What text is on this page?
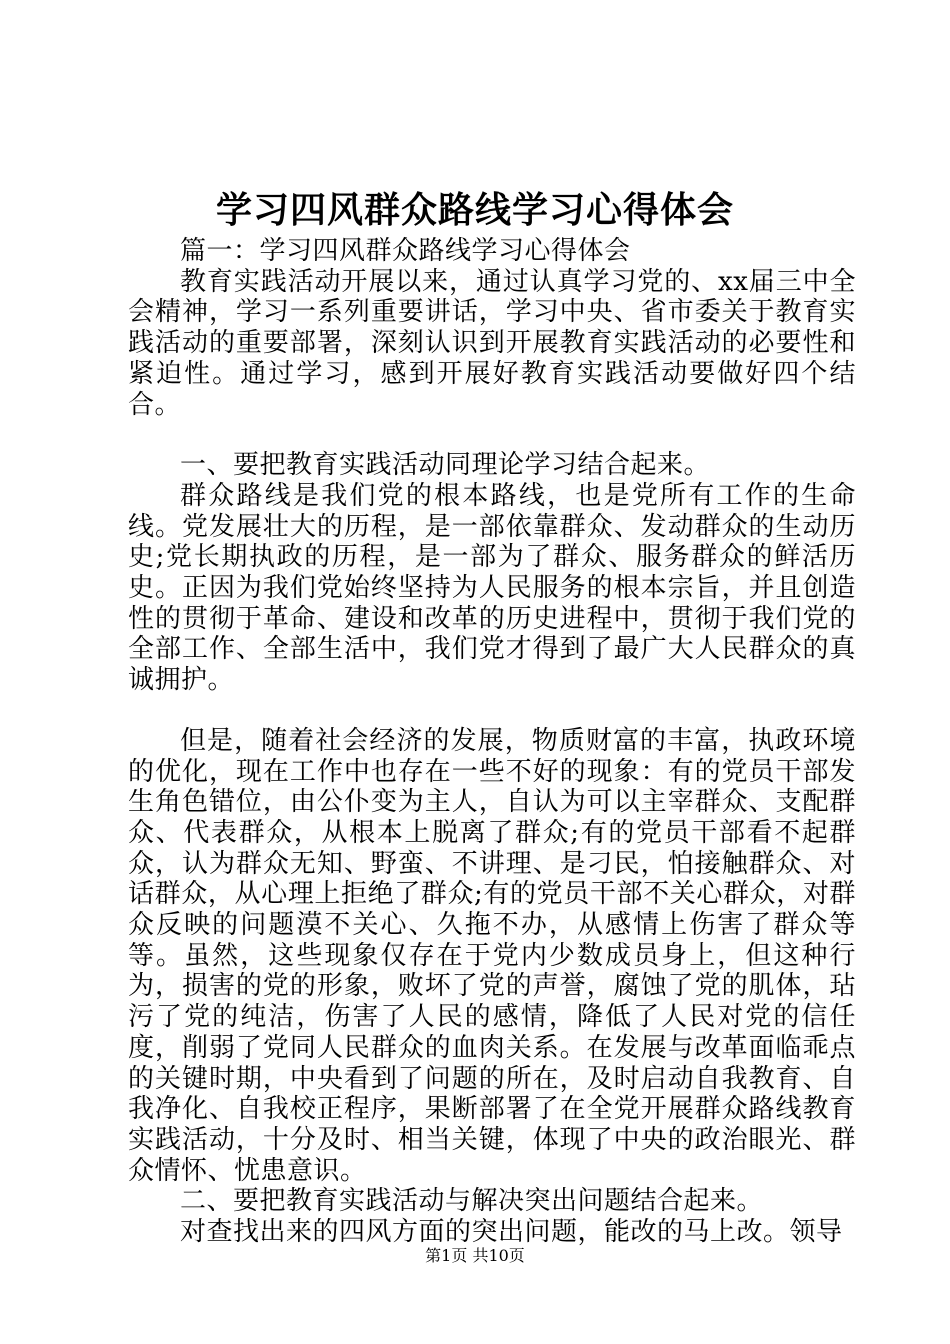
学习四风群众路线学习心得体会

篇一：学习四风群众路线学习心得体会

教育实践活动开展以来，通过认真学习党的、xx届三中全会精神，学习一系列重要讲话，学习中央、省市委关于教育实践活动的重要部署，深刻认识到开展教育实践活动的必要性和紧迫性。通过学习，感到开展好教育实践活动要做好四个结合。

一、要把教育实践活动同理论学习结合起来。

群众路线是我们党的根本路线，也是党所有工作的生命线。党发展壮大的历程，是一部依靠群众、发动群众的生动历史;党长期执政的历程，是一部为了群众、服务群众的鲜活历史。正因为我们党始终坚持为人民服务的根本宗旨，并且创造性的贯彻于革命、建设和改革的历史进程中，贯彻于我们党的全部工作、全部生活中，我们党才得到了最广大人民群众的真诚拥护。

但是，随着社会经济的发展，物质财富的丰富，执政环境的优化，现在工作中也存在一些不好的现象：有的党员干部发生角色错位，由公仆变为主人，自认为可以主宰群众、支配群众、代表群众，从根本上脱离了群众;有的党员干部看不起群众，认为群众无知、野蛮、不讲理、是刁民，怕接触群众、对话群众，从心理上拒绝了群众;有的党员干部不关心群众，对群众反映的问题漠不关心、久拖不办，从感情上伤害了群众等等。虽然，这些现象仅存在于党内少数成员身上，但这种行为，损害的党的形象，败坏了党的声誉，腐蚀了党的肌体，玷污了党的纯洁，伤害了人民的感情，降低了人民对党的信任度，削弱了党同人民群众的血肉关系。在发展与改革面临乖点的关键时期，中央看到了问题的所在，及时启动自我教育、自我净化、自我校正程序，果断部署了在全党开展群众路线教育实践活动，十分及时、相当关键，体现了中央的政治眼光、群众情怀、忧患意识。

二、要把教育实践活动与解决突出问题结合起来。

对查找出来的四风方面的突出问题，能改的马上改。领导

第1页 共10页
